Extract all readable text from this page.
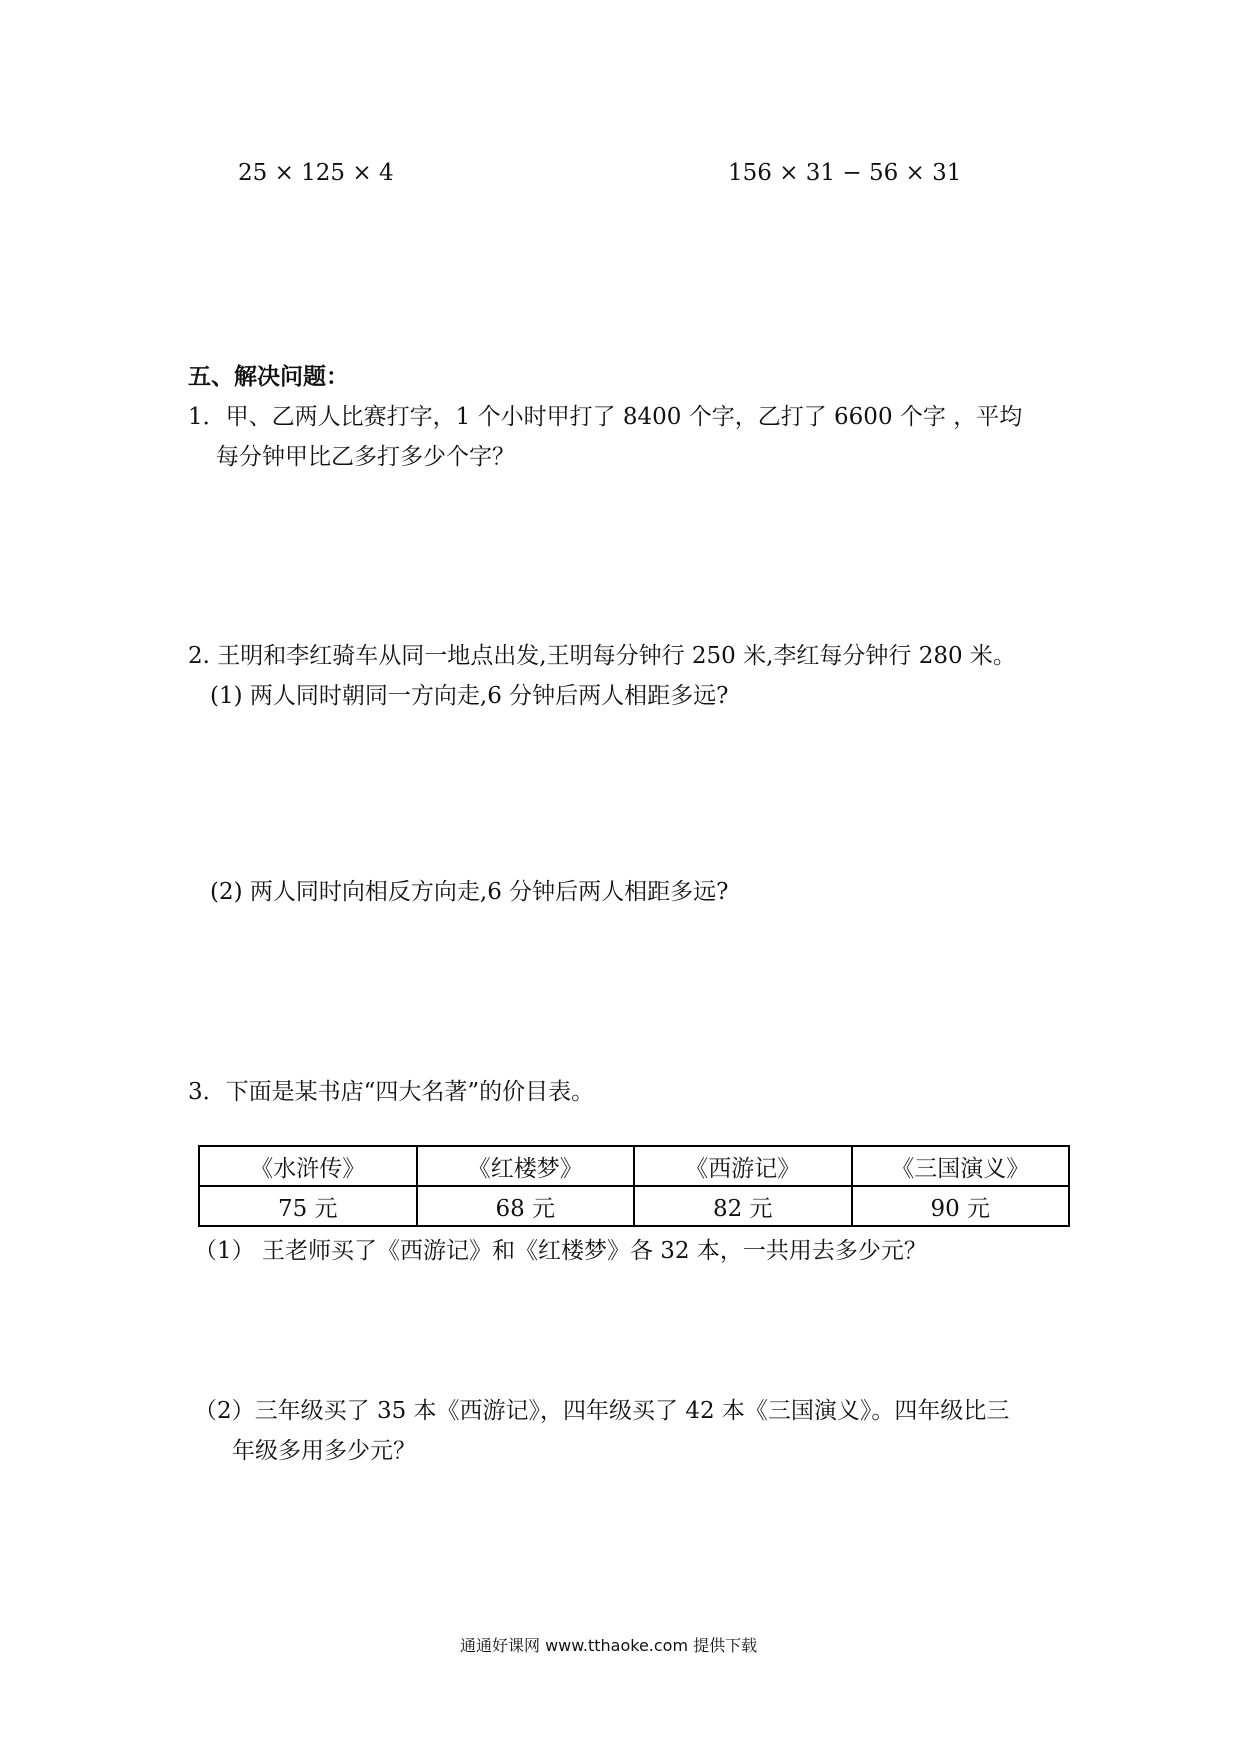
25 × 125 × 4	156 × 31 − 56 × 31
五、解决问题：
1．甲、乙两人比赛打字，1 个小时甲打了 8400 个字，乙打了 6600 个字 ，平均
每分钟甲比乙多打多少个字？
2. 王明和李红骑车从同一地点出发,王明每分钟行 250 米,李红每分钟行 280 米。
(1) 两人同时朝同一方向走,6 分钟后两人相距多远?
(2) 两人同时向相反方向走,6 分钟后两人相距多远?
3．下面是某书店“四大名著”的价目表。
《水浒传》	《红楼梦》	《西游记》	《三国演义》
75 元	68 元	82 元	90 元
（1） 王老师买了《西游记》和《红楼梦》各 32 本，一共用去多少元？
（2）三年级买了 35 本《西游记》，四年级买了 42 本《三国演义》。四年级比三
年级多用多少元？
通通好课网 www.tthaoke.com 提供下载
